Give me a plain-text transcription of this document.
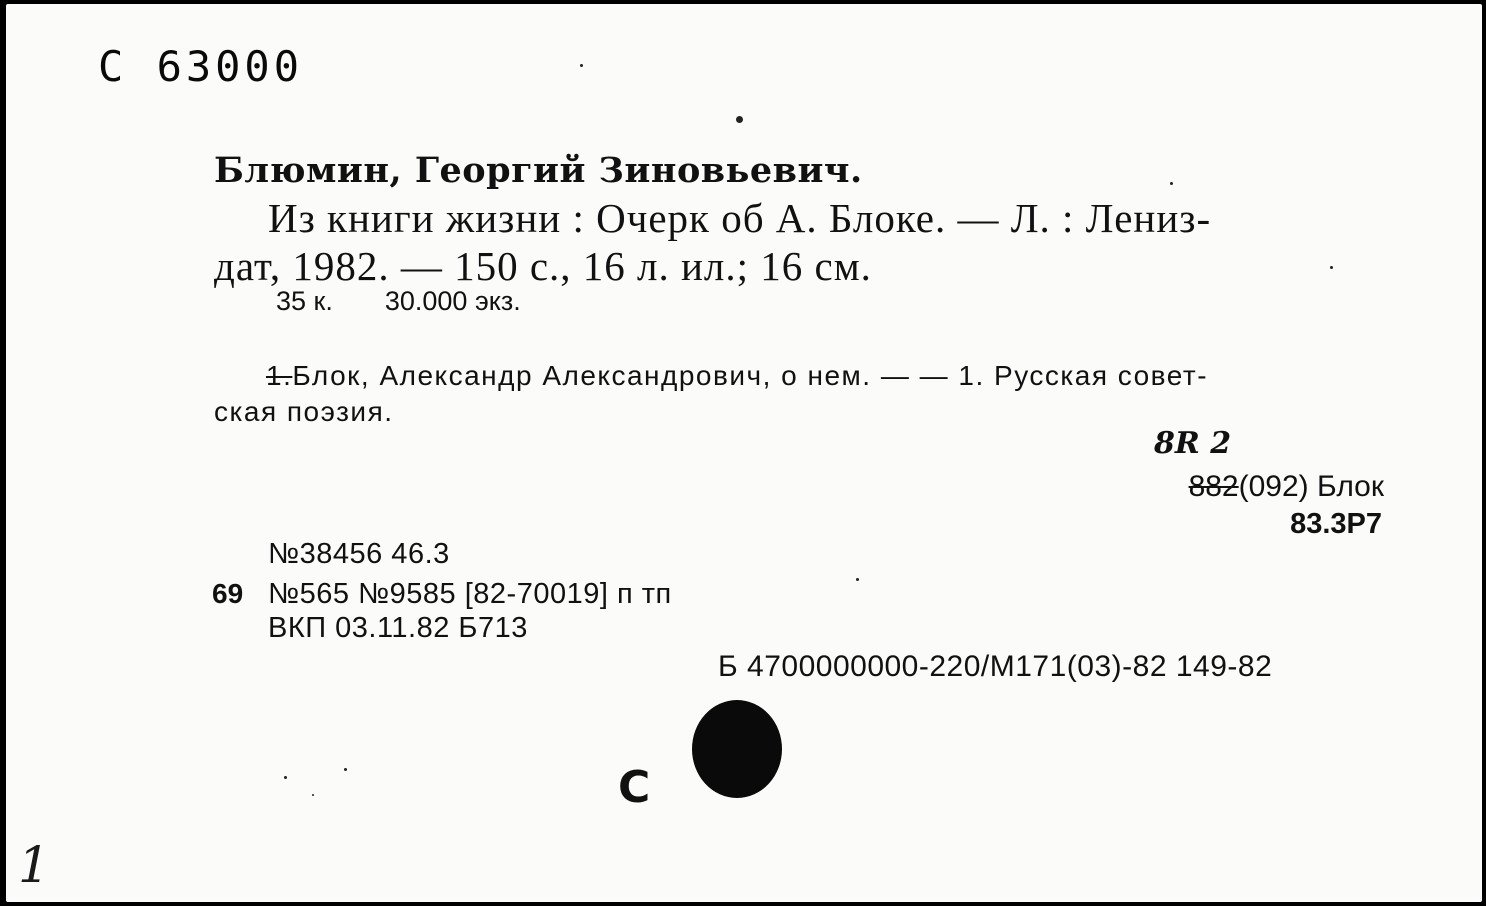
С 63000
Блюмин, Георгий Зиновьевич.
Из книги жизни : Очерк об А. Блоке. — Л. : Лениз-
дат, 1982. — 150 с., 16 л. ил.; 16 см.
35 к. 30.000 экз.
1.Блок, Александр Александрович, о нем. — — 1. Русская совет-
ская поэзия.
8R 2
882(092) Блок
83.3Р7
№38456 46.3
69 №565 №9585 [82-70019] п тп
ВКП 03.11.82 Б713
Б 4700000000-220/М171(03)-82 149-82
С
1
